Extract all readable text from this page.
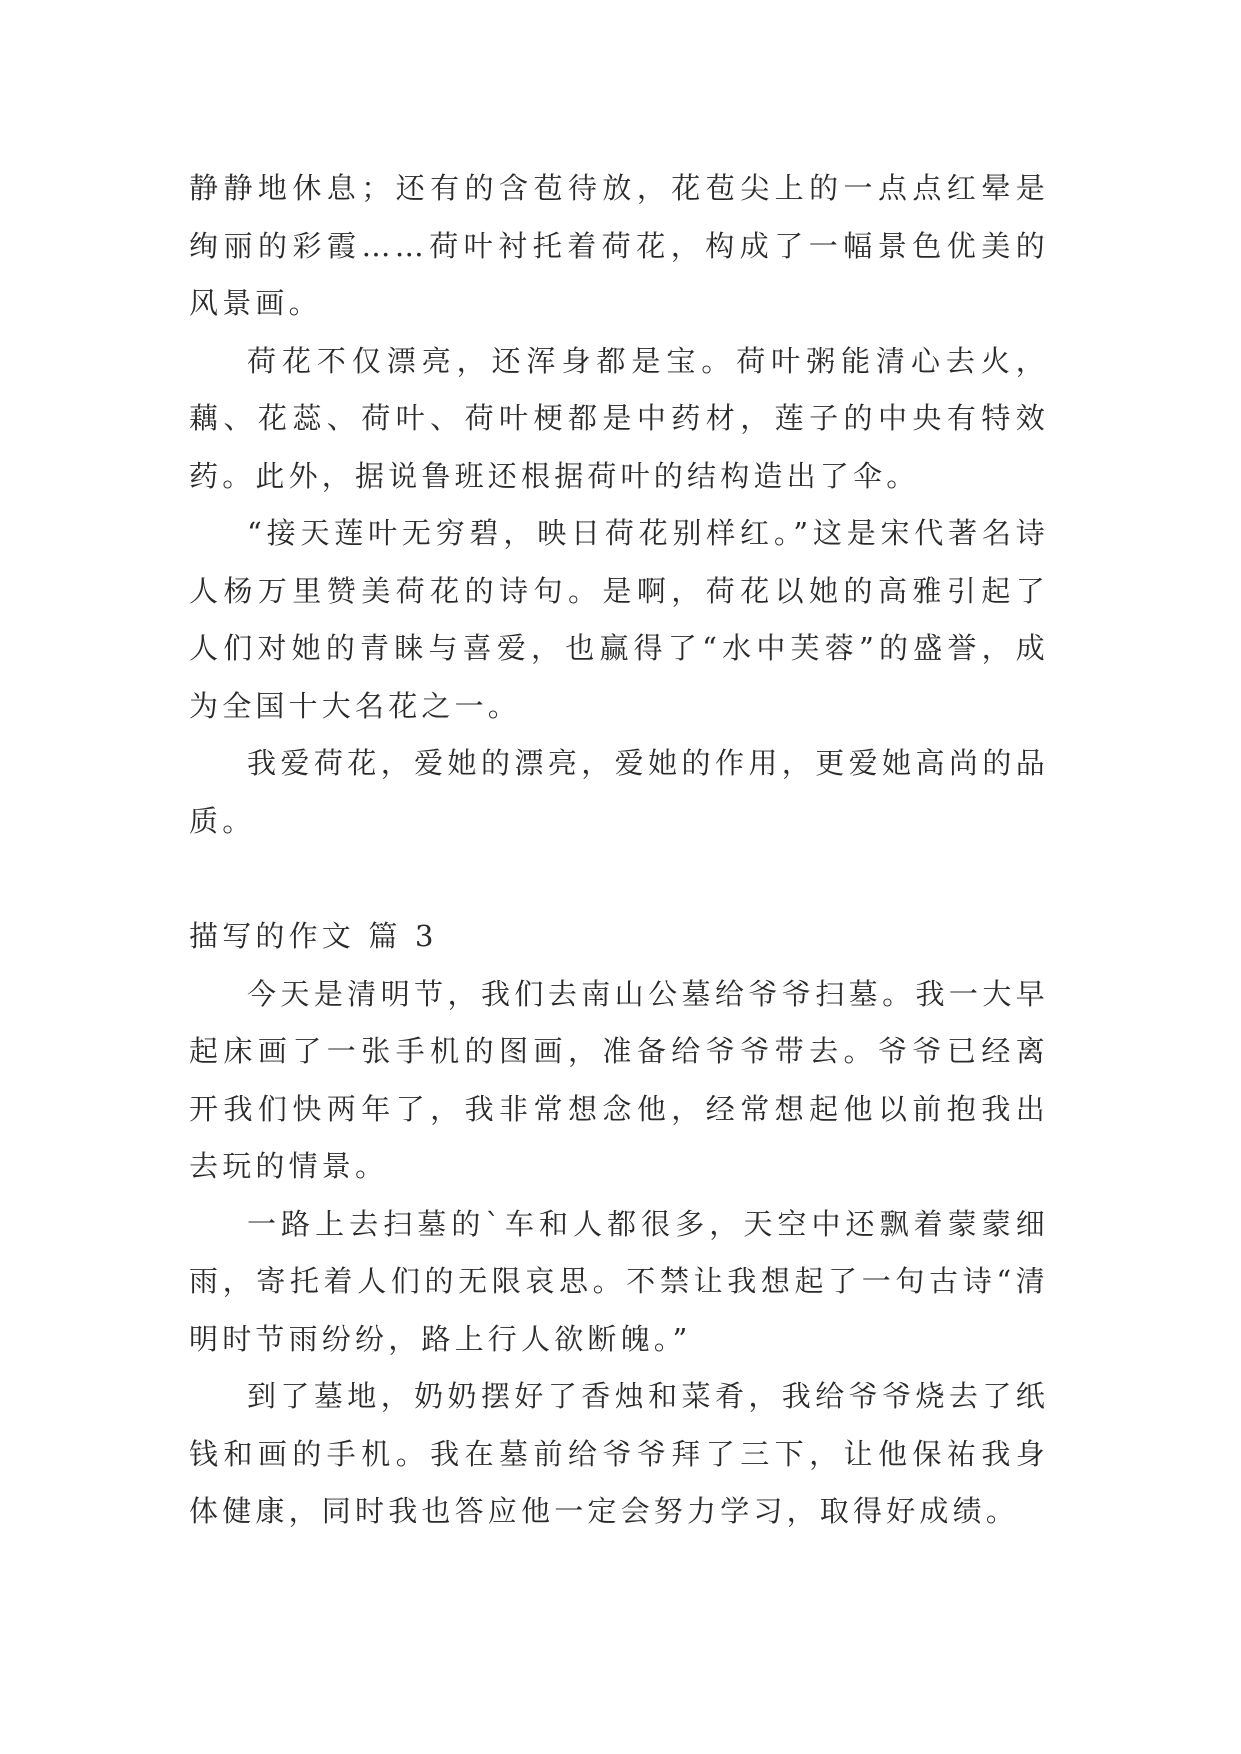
静静地休息；还有的含苞待放，花苞尖上的一点点红晕是绚丽的彩霞……荷叶衬托着荷花，构成了一幅景色优美的风景画。

荷花不仅漂亮，还浑身都是宝。荷叶粥能清心去火，藕、花蕊、荷叶、荷叶梗都是中药材，莲子的中央有特效药。此外，据说鲁班还根据荷叶的结构造出了伞。

“接天莲叶无穷碧，映日荷花别样红。”这是宋代著名诗人杨万里赞美荷花的诗句。是啊，荷花以她的高雅引起了人们对她的青睐与喜爱，也赢得了“水中芙蓉”的盛誉，成为全国十大名花之一。

我爱荷花，爱她的漂亮，爱她的作用，更爱她高尚的品质。

描写的作文 篇 3

今天是清明节，我们去南山公墓给爷爷扫墓。我一大早起床画了一张手机的图画，准备给爷爷带去。爷爷已经离开我们快两年了，我非常想念他，经常想起他以前抱我出去玩的情景。

一路上去扫墓的`车和人都很多，天空中还飘着蒙蒙细雨，寄托着人们的无限哀思。不禁让我想起了一句古诗“清明时节雨纷纷，路上行人欲断魄。”

到了墓地，奶奶摆好了香烛和菜肴，我给爷爷烧去了纸钱和画的手机。我在墓前给爷爷拜了三下，让他保祐我身体健康，同时我也答应他一定会努力学习，取得好成绩。
